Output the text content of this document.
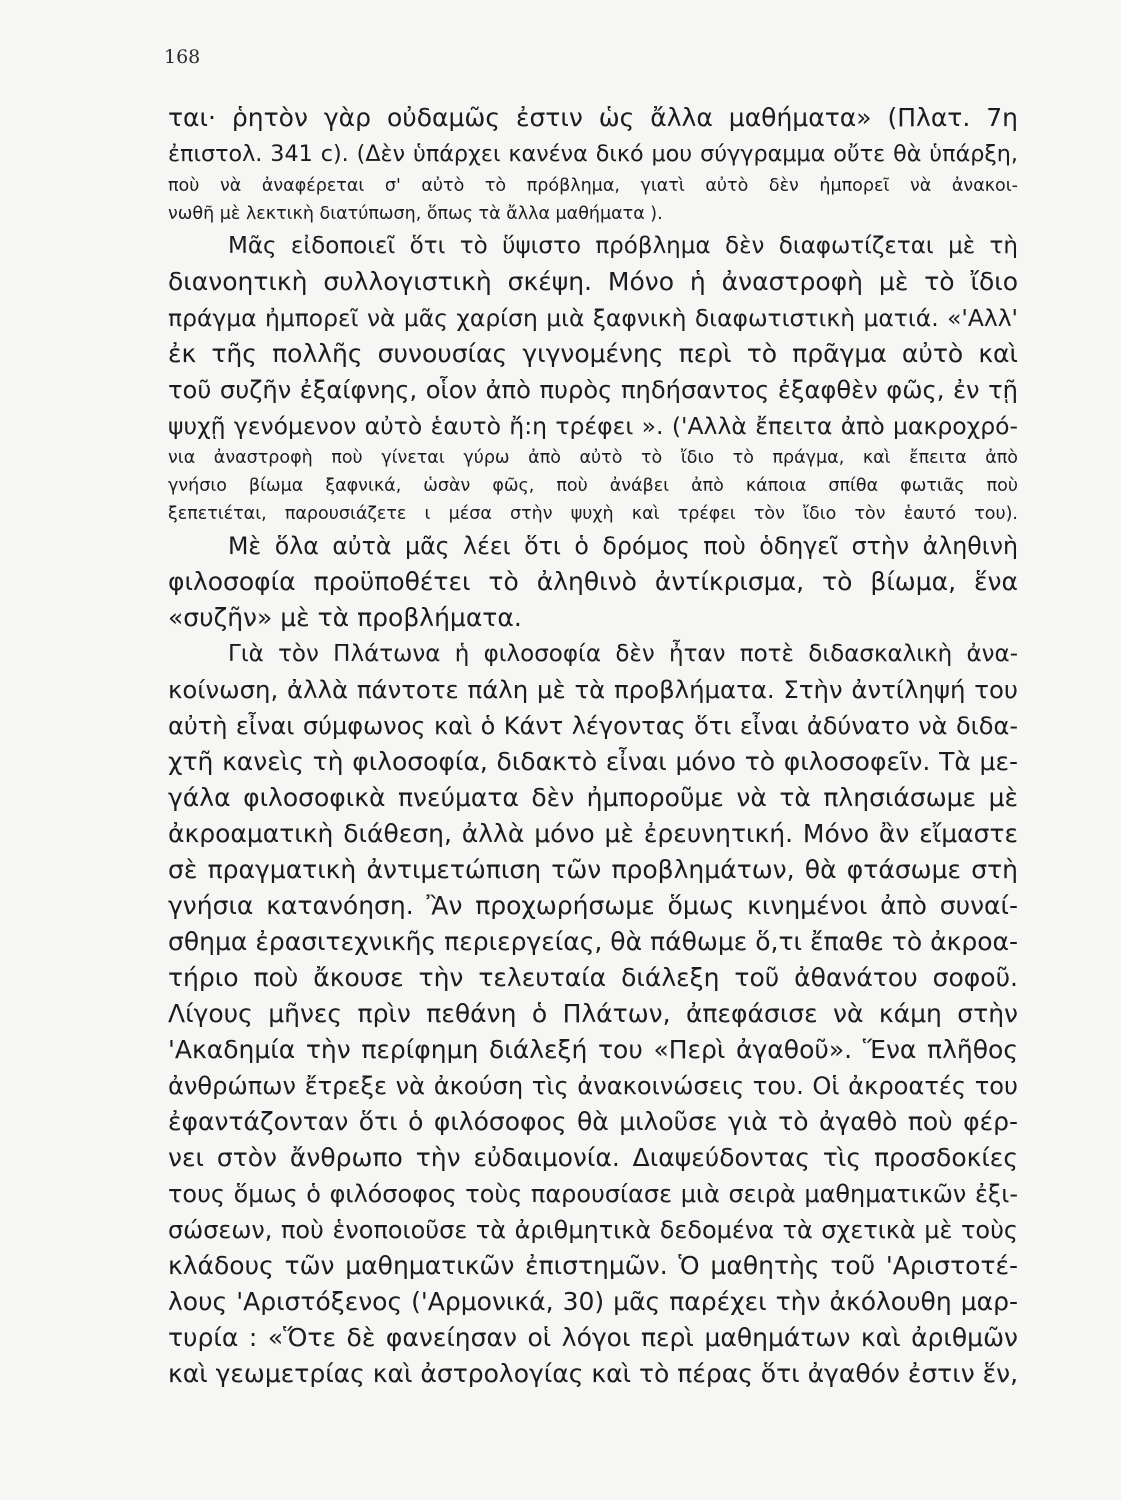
168
ται· ῥητὸν γὰρ οὐδαμῶς ἐστιν ὡς ἄλλα μαθήματα» (Πλατ. 7η
ἐπιστολ. 341 c). (Δὲν ὑπάρχει κανένα δικό μου σύγγραμμα οὔτε θὰ ὑπάρξη,
ποὺ νὰ ἀναφέρεται σ' αὐτὸ τὸ πρόβλημα, γιατὶ αὐτὸ δὲν ἠμπορεῖ νὰ ἀνακοι-
νωθῆ μὲ λεκτικὴ διατύπωση, ὅπως τὰ ἄλλα μαθήματα ).
Μᾶς εἰδοποιεῖ ὅτι τὸ ὕψιστο πρόβλημα δὲν διαφωτίζεται μὲ τὴ
διανοητικὴ συλλογιστικὴ σκέψη. Μόνο ἡ ἀναστροφὴ μὲ τὸ ἴδιο
πράγμα ἠμπορεῖ νὰ μᾶς χαρίση μιὰ ξαφνικὴ διαφωτιστικὴ ματιά. «'Αλλ'
ἐκ τῆς πολλῆς συνουσίας γιγνομένης περὶ τὸ πρᾶγμα αὐτὸ καὶ
τοῦ συζῆν ἐξαίφνης, οἷον ἀπὸ πυρὸς πηδήσαντος ἐξαφθὲν φῶς, ἐν τῇ
ψυχῇ γενόμενον αὐτὸ ἑαυτὸ ἤ:η τρέφει ». ('Αλλὰ ἔπειτα ἀπὸ μακροχρό-
νια ἀναστροφὴ ποὺ γίνεται γύρω ἀπὸ αὐτὸ τὸ ἴδιο τὸ πράγμα, καὶ ἔπειτα ἀπὸ
γνήσιο βίωμα ξαφνικά, ὡσὰν φῶς, ποὺ ἀνάβει ἀπὸ κάποια σπίθα φωτιᾶς ποὺ
ξεπετιέται, παρουσιάζετε ι μέσα στὴν ψυχὴ καὶ τρέφει τὸν ἴδιο τὸν ἑαυτό του).
Μὲ ὅλα αὐτὰ μᾶς λέει ὅτι ὁ δρόμος ποὺ ὁδηγεῖ στὴν ἀληθινὴ
φιλοσοφία προϋποθέτει τὸ ἀληθινὸ ἀντίκρισμα, τὸ βίωμα, ἕνα
«συζῆν» μὲ τὰ προβλήματα.
Γιὰ τὸν Πλάτωνα ἡ φιλοσοφία δὲν ἦταν ποτὲ διδασκαλικὴ ἀνα-
κοίνωση, ἀλλὰ πάντοτε πάλη μὲ τὰ προβλήματα. Στὴν ἀντίληψή του
αὐτὴ εἶναι σύμφωνος καὶ ὁ Κάντ λέγοντας ὅτι εἶναι ἀδύνατο νὰ διδα-
χτῆ κανεὶς τὴ φιλοσοφία, διδακτὸ εἶναι μόνο τὸ φιλοσοφεῖν. Τὰ με-
γάλα φιλοσοφικὰ πνεύματα δὲν ἠμποροῦμε νὰ τὰ πλησιάσωμε μὲ
ἀκροαματικὴ διάθεση, ἀλλὰ μόνο μὲ ἐρευνητική. Μόνο ἂν εἴμαστε
σὲ πραγματικὴ ἀντιμετώπιση τῶν προβλημάτων, θὰ φτάσωμε στὴ
γνήσια κατανόηση. Ἂν προχωρήσωμε ὅμως κινημένοι ἀπὸ συναί-
σθημα ἐρασιτεχνικῆς περιεργείας, θὰ πάθωμε ὅ,τι ἔπαθε τὸ ἀκροα-
τήριο ποὺ ἄκουσε τὴν τελευταία διάλεξη τοῦ ἀθανάτου σοφοῦ.
Λίγους μῆνες πρὶν πεθάνη ὁ Πλάτων, ἀπεφάσισε νὰ κάμη στὴν
'Ακαδημία τὴν περίφημη διάλεξή του «Περὶ ἀγαθοῦ». Ἕνα πλῆθος
ἀνθρώπων ἔτρεξε νὰ ἀκούση τὶς ἀνακοινώσεις του. Οἱ ἀκροατές του
ἐφαντάζονταν ὅτι ὁ φιλόσοφος θὰ μιλοῦσε γιὰ τὸ ἀγαθὸ ποὺ φέρ-
νει στὸν ἄνθρωπο τὴν εὐδαιμονία. Διαψεύδοντας τὶς προσδοκίες
τους ὅμως ὁ φιλόσοφος τοὺς παρουσίασε μιὰ σειρὰ μαθηματικῶν ἐξι-
σώσεων, ποὺ ἑνοποιοῦσε τὰ ἀριθμητικὰ δεδομένα τὰ σχετικὰ μὲ τοὺς
κλάδους τῶν μαθηματικῶν ἐπιστημῶν. Ὁ μαθητὴς τοῦ 'Αριστοτέ-
λους 'Αριστόξενος ('Αρμονικά, 30) μᾶς παρέχει τὴν ἀκόλουθη μαρ-
τυρία : «Ὅτε δὲ φανείησαν οἱ λόγοι περὶ μαθημάτων καὶ ἀριθμῶν
καὶ γεωμετρίας καὶ ἀστρολογίας καὶ τὸ πέρας ὅτι ἀγαθόν ἐστιν ἕν,
